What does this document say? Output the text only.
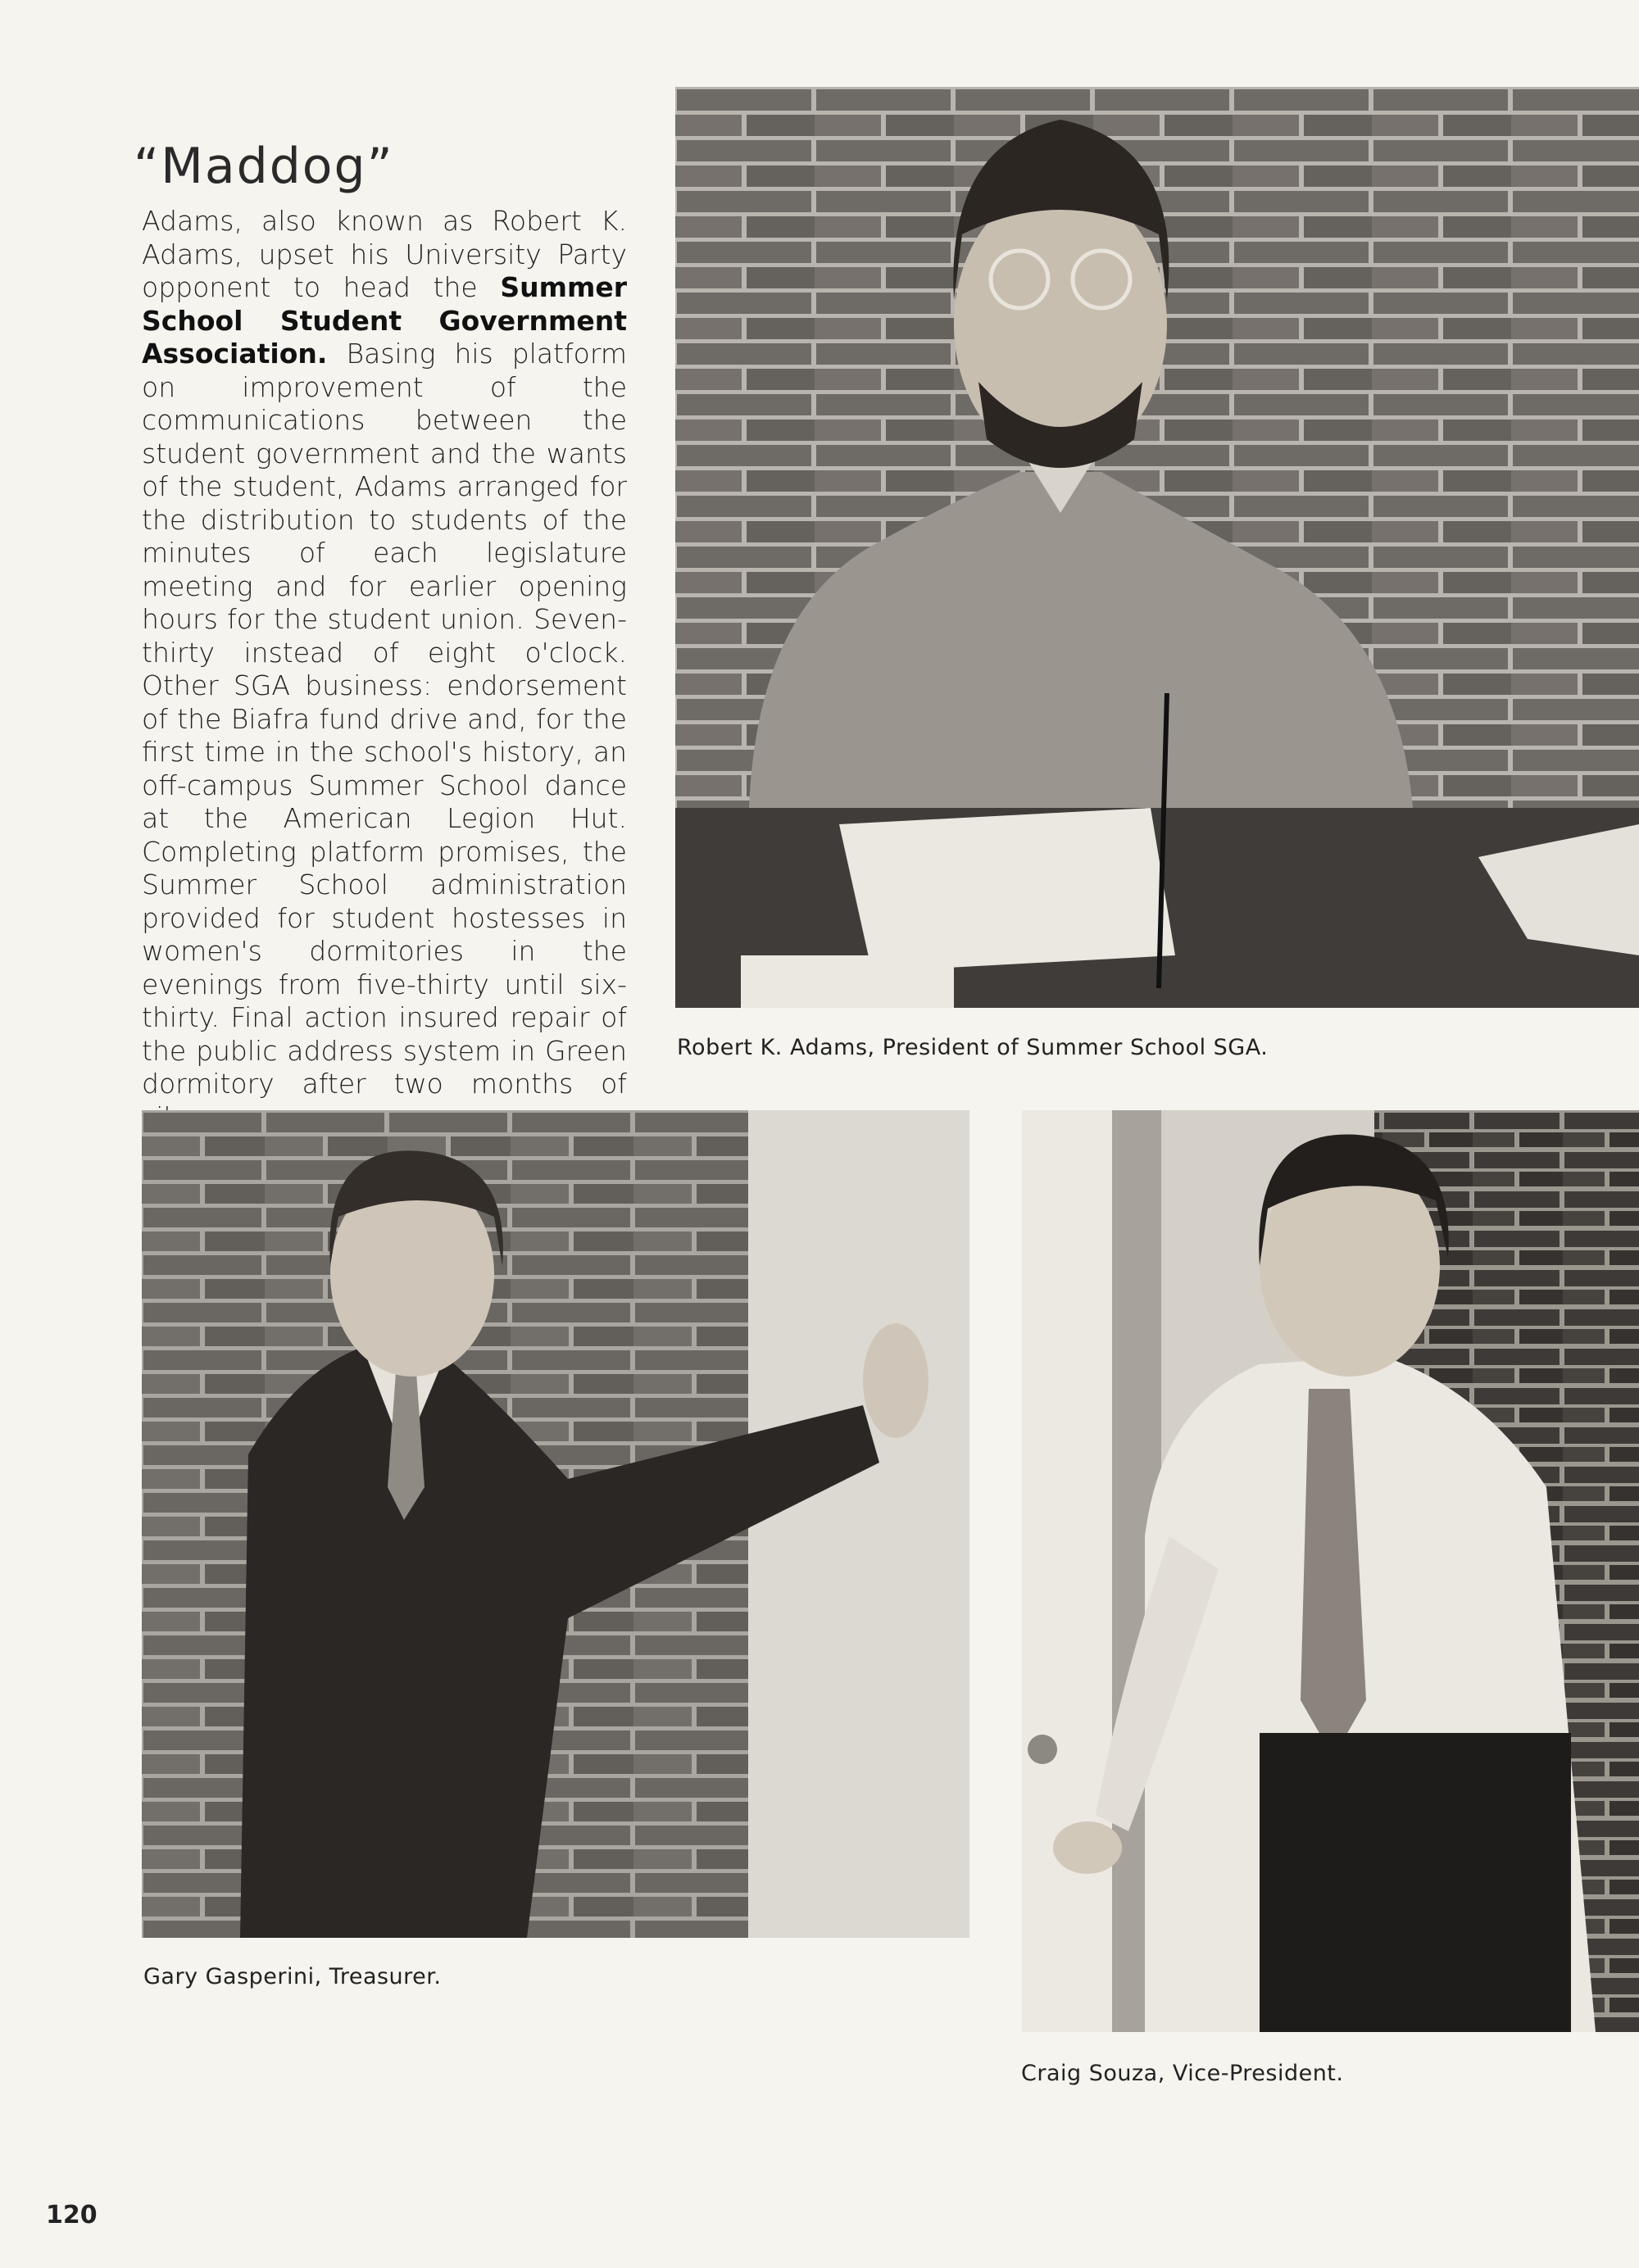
“Maddog”

Adams, also known as Robert K. Adams, upset his University Party opponent to head the Summer School Student Government Association. Basing his platform on improvement of the communications between the student government and the wants of the student, Adams arranged for the distribution to students of the minutes of each legislature meeting and for earlier opening hours for the student union. Seven-thirty instead of eight o'clock. Other SGA business: endorsement of the Biafra fund drive and, for the first time in the school's history, an off-campus Summer School dance at the American Legion Hut. Completing platform promises, the Summer School administration provided for student hostesses in women's dormitories in the evenings from five-thirty until six-thirty. Final action insured repair of the public address system in Green dormitory after two months of

Robert K. Adams, President of Summer School SGA.
Gary Gasperini, Treasurer.
Craig Souza, Vice-President.
120
